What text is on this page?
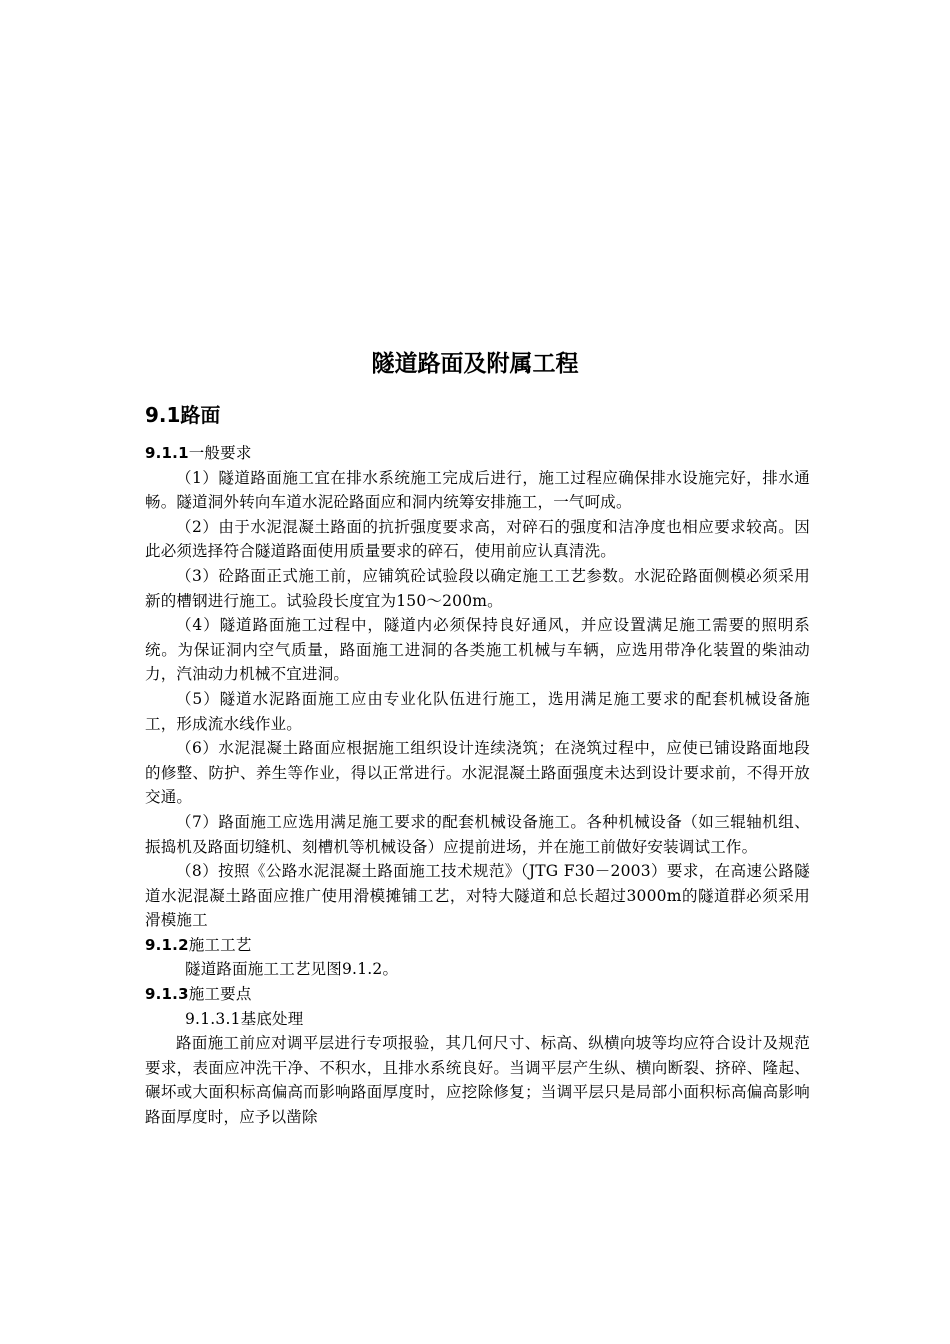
隧道路面及附属工程
9.1路面

9.1.1一般要求

（1）隧道路面施工宜在排水系统施工完成后进行，施工过程应确保排水设施完好，排水通畅。隧道洞外转向车道水泥砼路面应和洞内统筹安排施工，一气呵成。

（2）由于水泥混凝土路面的抗折强度要求高，对碎石的强度和洁净度也相应要求较高。因此必须选择符合隧道路面使用质量要求的碎石，使用前应认真清洗。

（3）砼路面正式施工前，应铺筑砼试验段以确定施工工艺参数。水泥砼路面侧模必须采用新的槽钢进行施工。试验段长度宜为150～200m。

（4）隧道路面施工过程中，隧道内必须保持良好通风，并应设置满足施工需要的照明系统。为保证洞内空气质量，路面施工进洞的各类施工机械与车辆，应选用带净化装置的柴油动力，汽油动力机械不宜进洞。

（5）隧道水泥路面施工应由专业化队伍进行施工，选用满足施工要求的配套机械设备施工，形成流水线作业。

（6）水泥混凝土路面应根据施工组织设计连续浇筑；在浇筑过程中，应使已铺设路面地段的修整、防护、养生等作业，得以正常进行。水泥混凝土路面强度未达到设计要求前，不得开放交通。

（7）路面施工应选用满足施工要求的配套机械设备施工。各种机械设备（如三辊轴机组、振捣机及路面切缝机、刻槽机等机械设备）应提前进场，并在施工前做好安装调试工作。

（8）按照《公路水泥混凝土路面施工技术规范》（JTG F30－2003）要求，在高速公路隧道水泥混凝土路面应推广使用滑模摊铺工艺，对特大隧道和总长超过3000m的隧道群必须采用滑模施工

9.1.2施工工艺

隧道路面施工工艺见图9.1.2。

9.1.3施工要点

9.1.3.1基底处理

路面施工前应对调平层进行专项报验，其几何尺寸、标高、纵横向坡等均应符合设计及规范要求，表面应冲洗干净、不积水，且排水系统良好。当调平层产生纵、横向断裂、挤碎、隆起、碾坏或大面积标高偏高而影响路面厚度时，应挖除修复；当调平层只是局部小面积标高偏高影响路面厚度时，应予以凿除
